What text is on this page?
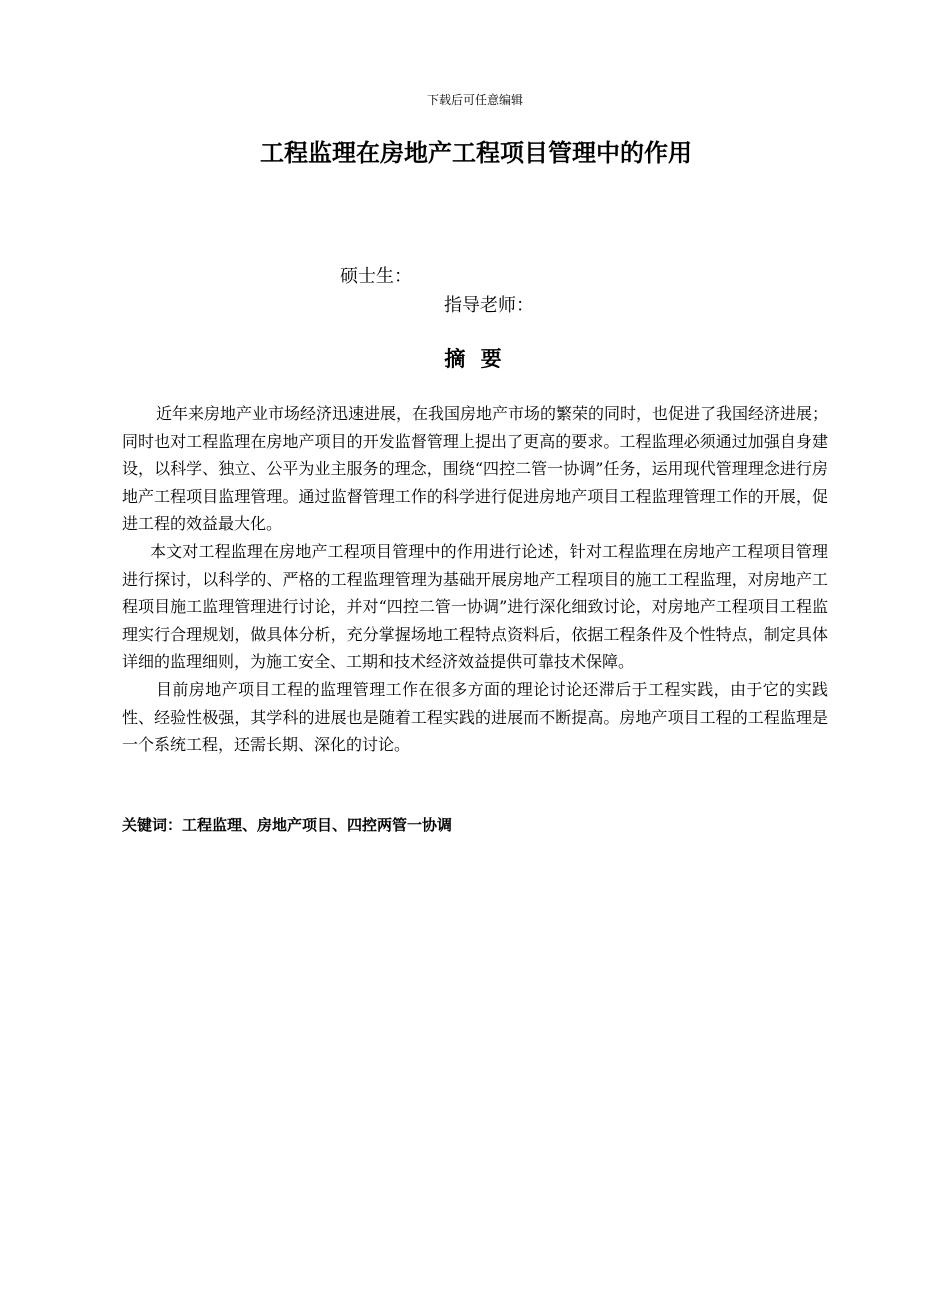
下载后可任意编辑
工程监理在房地产工程项目管理中的作用
硕士生：
指导老师：
摘 要

近年来房地产业市场经济迅速进展，在我国房地产市场的繁荣的同时，也促进了我国经济进展；同时也对工程监理在房地产项目的开发监督管理上提出了更高的要求。工程监理必须通过加强自身建设，以科学、独立、公平为业主服务的理念，围绕“四控二管一协调”任务，运用现代管理理念进行房地产工程项目监理管理。通过监督管理工作的科学进行促进房地产项目工程监理管理工作的开展，促进工程的效益最大化。

本文对工程监理在房地产工程项目管理中的作用进行论述，针对工程监理在房地产工程项目管理进行探讨，以科学的、严格的工程监理管理为基础开展房地产工程项目的施工工程监理，对房地产工程项目施工监理管理进行讨论，并对“四控二管一协调”进行深化细致讨论，对房地产工程项目工程监理实行合理规划，做具体分析，充分掌握场地工程特点资料后，依据工程条件及个性特点，制定具体详细的监理细则，为施工安全、工期和技术经济效益提供可靠技术保障。

目前房地产项目工程的监理管理工作在很多方面的理论讨论还滞后于工程实践，由于它的实践性、经验性极强，其学科的进展也是随着工程实践的进展而不断提高。房地产项目工程的工程监理是一个系统工程，还需长期、深化的讨论。

关键词：工程监理、房地产项目、四控两管一协调
